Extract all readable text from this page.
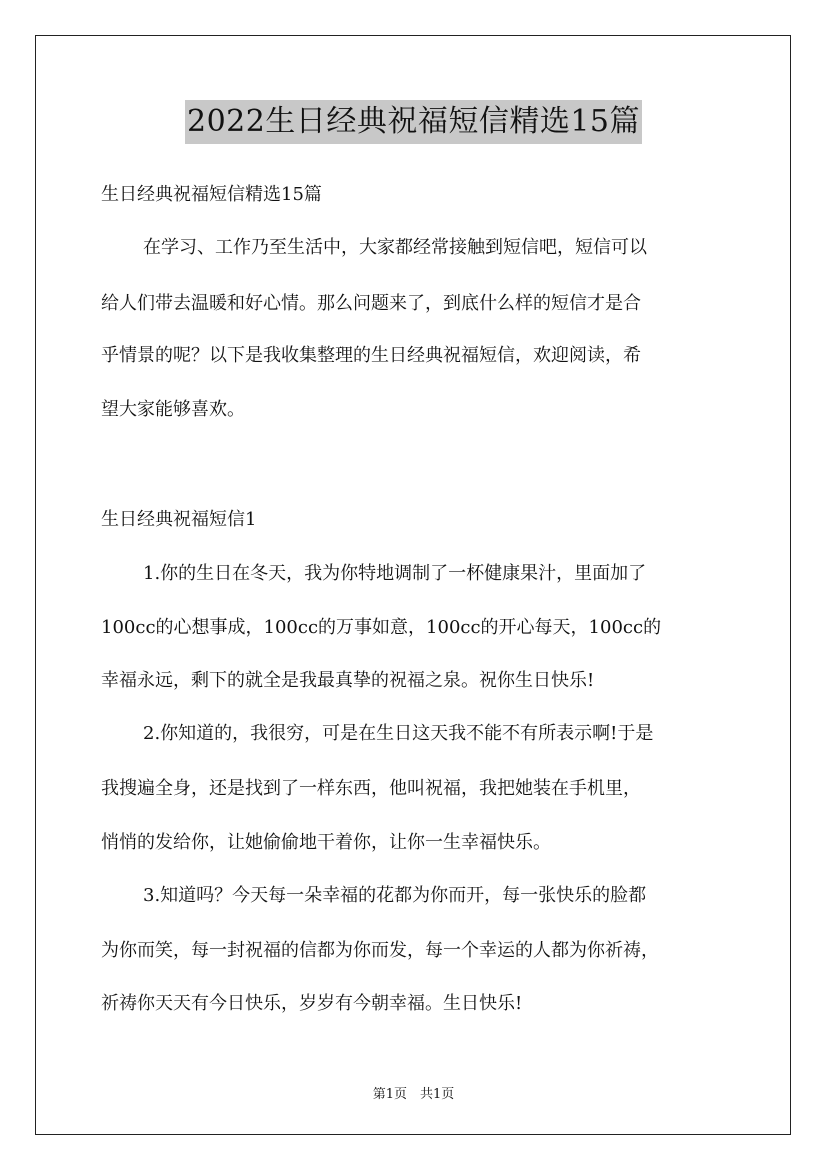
2022生日经典祝福短信精选15篇
生日经典祝福短信精选15篇
在学习、工作乃至生活中，大家都经常接触到短信吧，短信可以
给人们带去温暖和好心情。那么问题来了，到底什么样的短信才是合
乎情景的呢？以下是我收集整理的生日经典祝福短信，欢迎阅读，希
望大家能够喜欢。
生日经典祝福短信1
1.你的生日在冬天，我为你特地调制了一杯健康果汁，里面加了
100cc的心想事成，100cc的万事如意，100cc的开心每天，100cc的
幸福永远，剩下的就全是我最真挚的祝福之泉。祝你生日快乐!
2.你知道的，我很穷，可是在生日这天我不能不有所表示啊!于是
我搜遍全身，还是找到了一样东西，他叫祝福，我把她装在手机里，
悄悄的发给你，让她偷偷地干着你，让你一生幸福快乐。
3.知道吗？今天每一朵幸福的花都为你而开，每一张快乐的脸都
为你而笑，每一封祝福的信都为你而发，每一个幸运的人都为你祈祷，
祈祷你天天有今日快乐，岁岁有今朝幸福。生日快乐!
第1页　共1页
